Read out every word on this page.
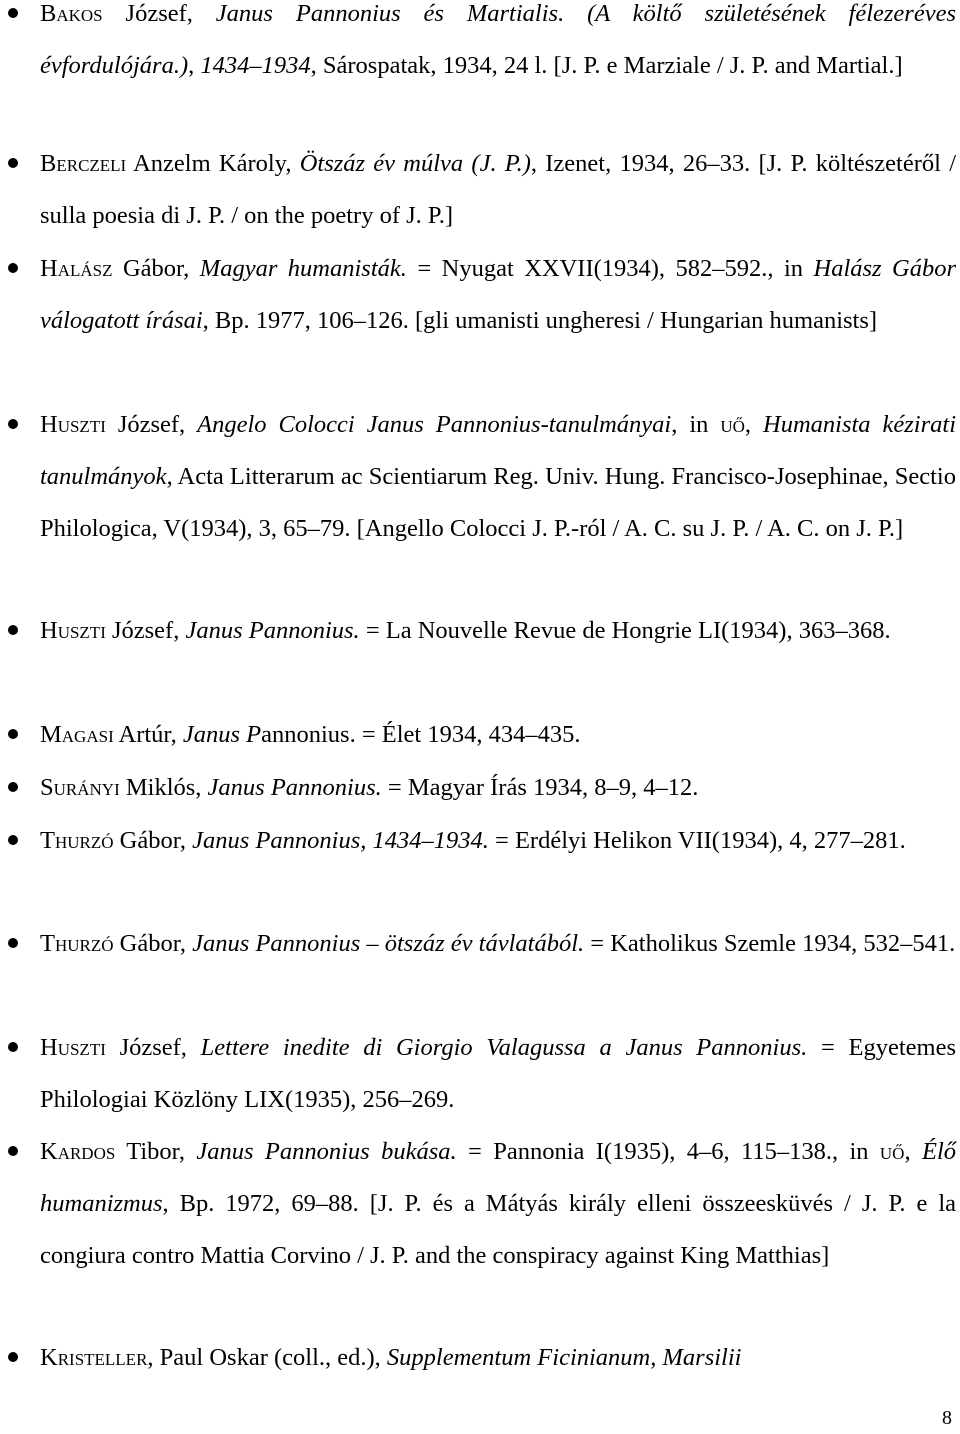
Bakos József, Janus Pannonius és Martialis. (A költő születésének félezeréves évfordulójára.), 1434–1934, Sárospatak, 1934, 24 l. [J. P. e Marziale / J. P. and Martial.]
Berczeli Anzelm Károly, Ötszáz év múlva (J. P.), Izenet, 1934, 26–33. [J. P. költészetéről / sulla poesia di J. P. / on the poetry of J. P.]
Halász Gábor, Magyar humanisták. = Nyugat XXVII(1934), 582–592., in Halász Gábor válogatott írásai, Bp. 1977, 106–126. [gli umanisti ungheresi / Hungarian humanists]
Huszti József, Angelo Colocci Janus Pannonius-tanulmányai, in uő, Humanista kézirati tanulmányok, Acta Litterarum ac Scientiarum Reg. Univ. Hung. Francisco-Josephinae, Sectio Philologica, V(1934), 3, 65–79. [Angello Colocci J. P.-ról / A. C. su J. P. / A. C. on J. P.]
Huszti József, Janus Pannonius. = La Nouvelle Revue de Hongrie LI(1934), 363–368.
Magasi Artúr, Janus Pannonius. = Élet 1934, 434–435.
Surányi Miklós, Janus Pannonius. = Magyar Írás 1934, 8–9, 4–12.
Thurzó Gábor, Janus Pannonius, 1434–1934. = Erdélyi Helikon VII(1934), 4, 277–281.
Thurzó Gábor, Janus Pannonius – ötszáz év távlatából. = Katholikus Szemle 1934, 532–541.
Huszti József, Lettere inedite di Giorgio Valagussa a Janus Pannonius. = Egyetemes Philologiai Közlöny LIX(1935), 256–269.
Kardos Tibor, Janus Pannonius bukása. = Pannonia I(1935), 4–6, 115–138., in uő, Élő humanizmus, Bp. 1972, 69–88. [J. P. és a Mátyás király elleni összeesküvés / J. P. e la congiura contro Mattia Corvino / J. P. and the conspiracy against King Matthias]
Kristeller, Paul Oskar (coll., ed.), Supplementum Ficinianum, Marsilii
8
